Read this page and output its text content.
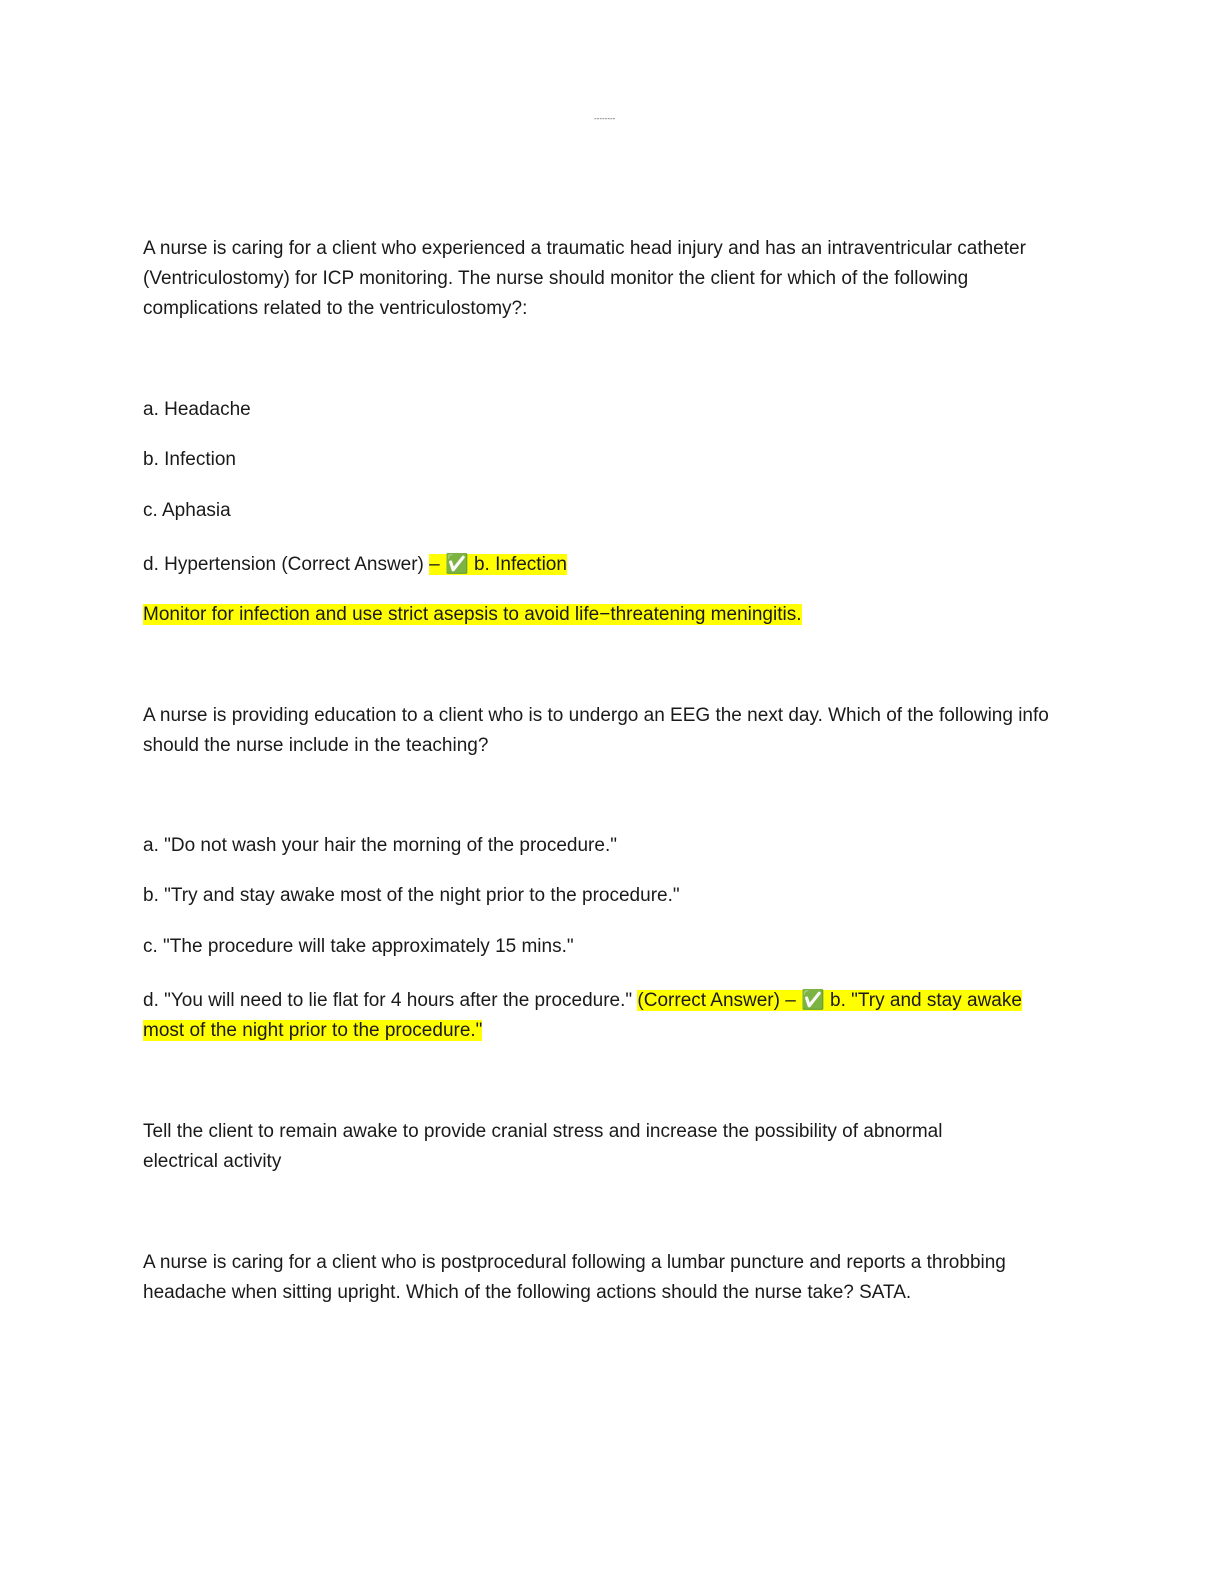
--------

A nurse is caring for a client who experienced a traumatic head injury and has an intraventricular catheter (Ventriculostomy) for ICP monitoring. The nurse should monitor the client for which of the following complications related to the ventriculostomy?:

a. Headache

b. Infection

c. Aphasia

d. Hypertension (Correct Answer) – ✅ b. Infection

Monitor for infection and use strict asepsis to avoid life−threatening meningitis.

A nurse is providing education to a client who is to undergo an EEG the next day. Which of the following info should the nurse include in the teaching?

a. "Do not wash your hair the morning of the procedure."

b. "Try and stay awake most of the night prior to the procedure."

c. "The procedure will take approximately 15 mins."

d. "You will need to lie flat for 4 hours after the procedure." (Correct Answer) – ✅ b. "Try and stay awake most of the night prior to the procedure."

Tell the client to remain awake to provide cranial stress and increase the possibility of abnormal electrical activity

A nurse is caring for a client who is postprocedural following a lumbar puncture and reports a throbbing headache when sitting upright. Which of the following actions should the nurse take? SATA.
